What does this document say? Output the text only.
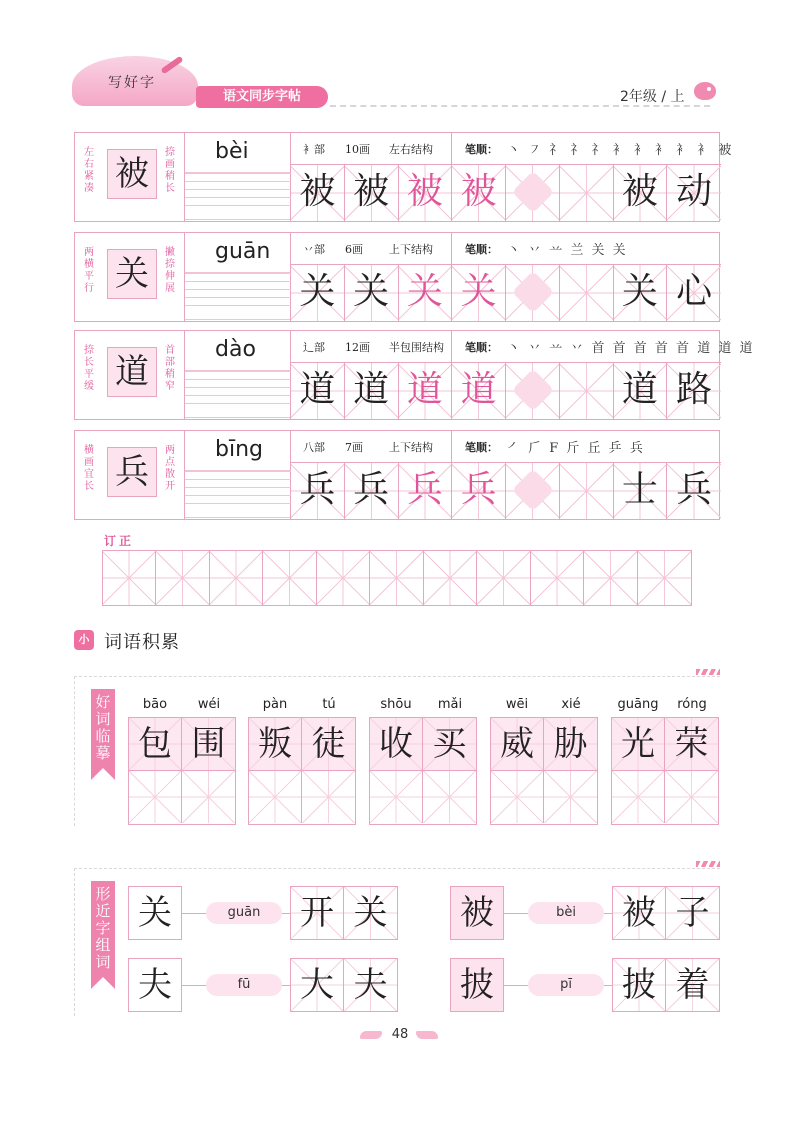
写好字
语文同步字帖	2年级 / 上
左右紧凑 被
捺画稍长
bèi	衤部 10画 左右结构	笔顺： 丶 ㇇ 礻 礻 礻 衤 衤 衤 衤 衤 被
被 被 被 被	被 动
两横平行 关
撇捺伸展
guān	丷部 6画 上下结构	笔顺： 丶 丷 䒑 兰 关 关
关 关 关 关	关 心
捺长平缓 道
首部稍窄
dào	辶部 12画 半包围结构 笔顺： 丶 丷 䒑 丷 首 首 首 首 首 道 道 道
道 道 道 道	道 路
横画宜长 兵
两点散开
bīng	八部 7画 上下结构	笔顺： ㇒ 𠂆 F 斤 丘 乒 兵
兵 兵 兵 兵	士 兵
订正
小 词语积累
好词临摹
bāo	wéi
包 围
pàn	tú
叛 徒
shōu	mǎi
收 买
wēi	xié
威 胁
guāng	róng
光 荣
形近字组词
关	guān	开 关 被	bèi	被 子
夫	fū	大 夫 披	pī	披 着
48
